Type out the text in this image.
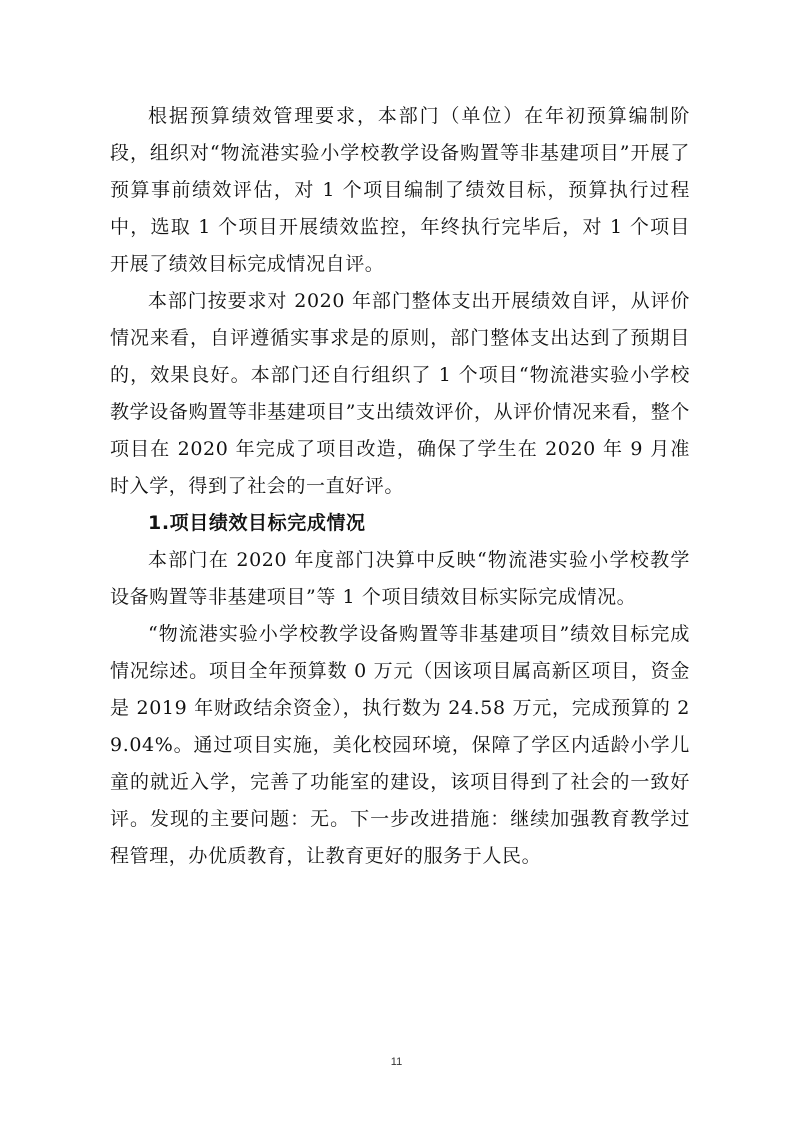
根据预算绩效管理要求，本部门（单位）在年初预算编制阶段，组织对“物流港实验小学校教学设备购置等非基建项目”开展了预算事前绩效评估，对 1 个项目编制了绩效目标，预算执行过程中，选取 1 个项目开展绩效监控，年终执行完毕后，对 1 个项目开展了绩效目标完成情况自评。

本部门按要求对 2020 年部门整体支出开展绩效自评，从评价情况来看，自评遵循实事求是的原则，部门整体支出达到了预期目的，效果良好。本部门还自行组织了 1 个项目“物流港实验小学校教学设备购置等非基建项目”支出绩效评价，从评价情况来看，整个项目在 2020 年完成了项目改造，确保了学生在 2020 年 9 月准时入学，得到了社会的一直好评。

1.项目绩效目标完成情况

本部门在 2020 年度部门决算中反映“物流港实验小学校教学设备购置等非基建项目”等 1 个项目绩效目标实际完成情况。

“物流港实验小学校教学设备购置等非基建项目”绩效目标完成情况综述。项目全年预算数 0 万元（因该项目属高新区项目，资金是 2019 年财政结余资金），执行数为 24.58 万元，完成预算的 29.04%。通过项目实施，美化校园环境，保障了学区内适龄小学儿童的就近入学，完善了功能室的建设，该项目得到了社会的一致好评。发现的主要问题：无。下一步改进措施：继续加强教育教学过程管理，办优质教育，让教育更好的服务于人民。

11
